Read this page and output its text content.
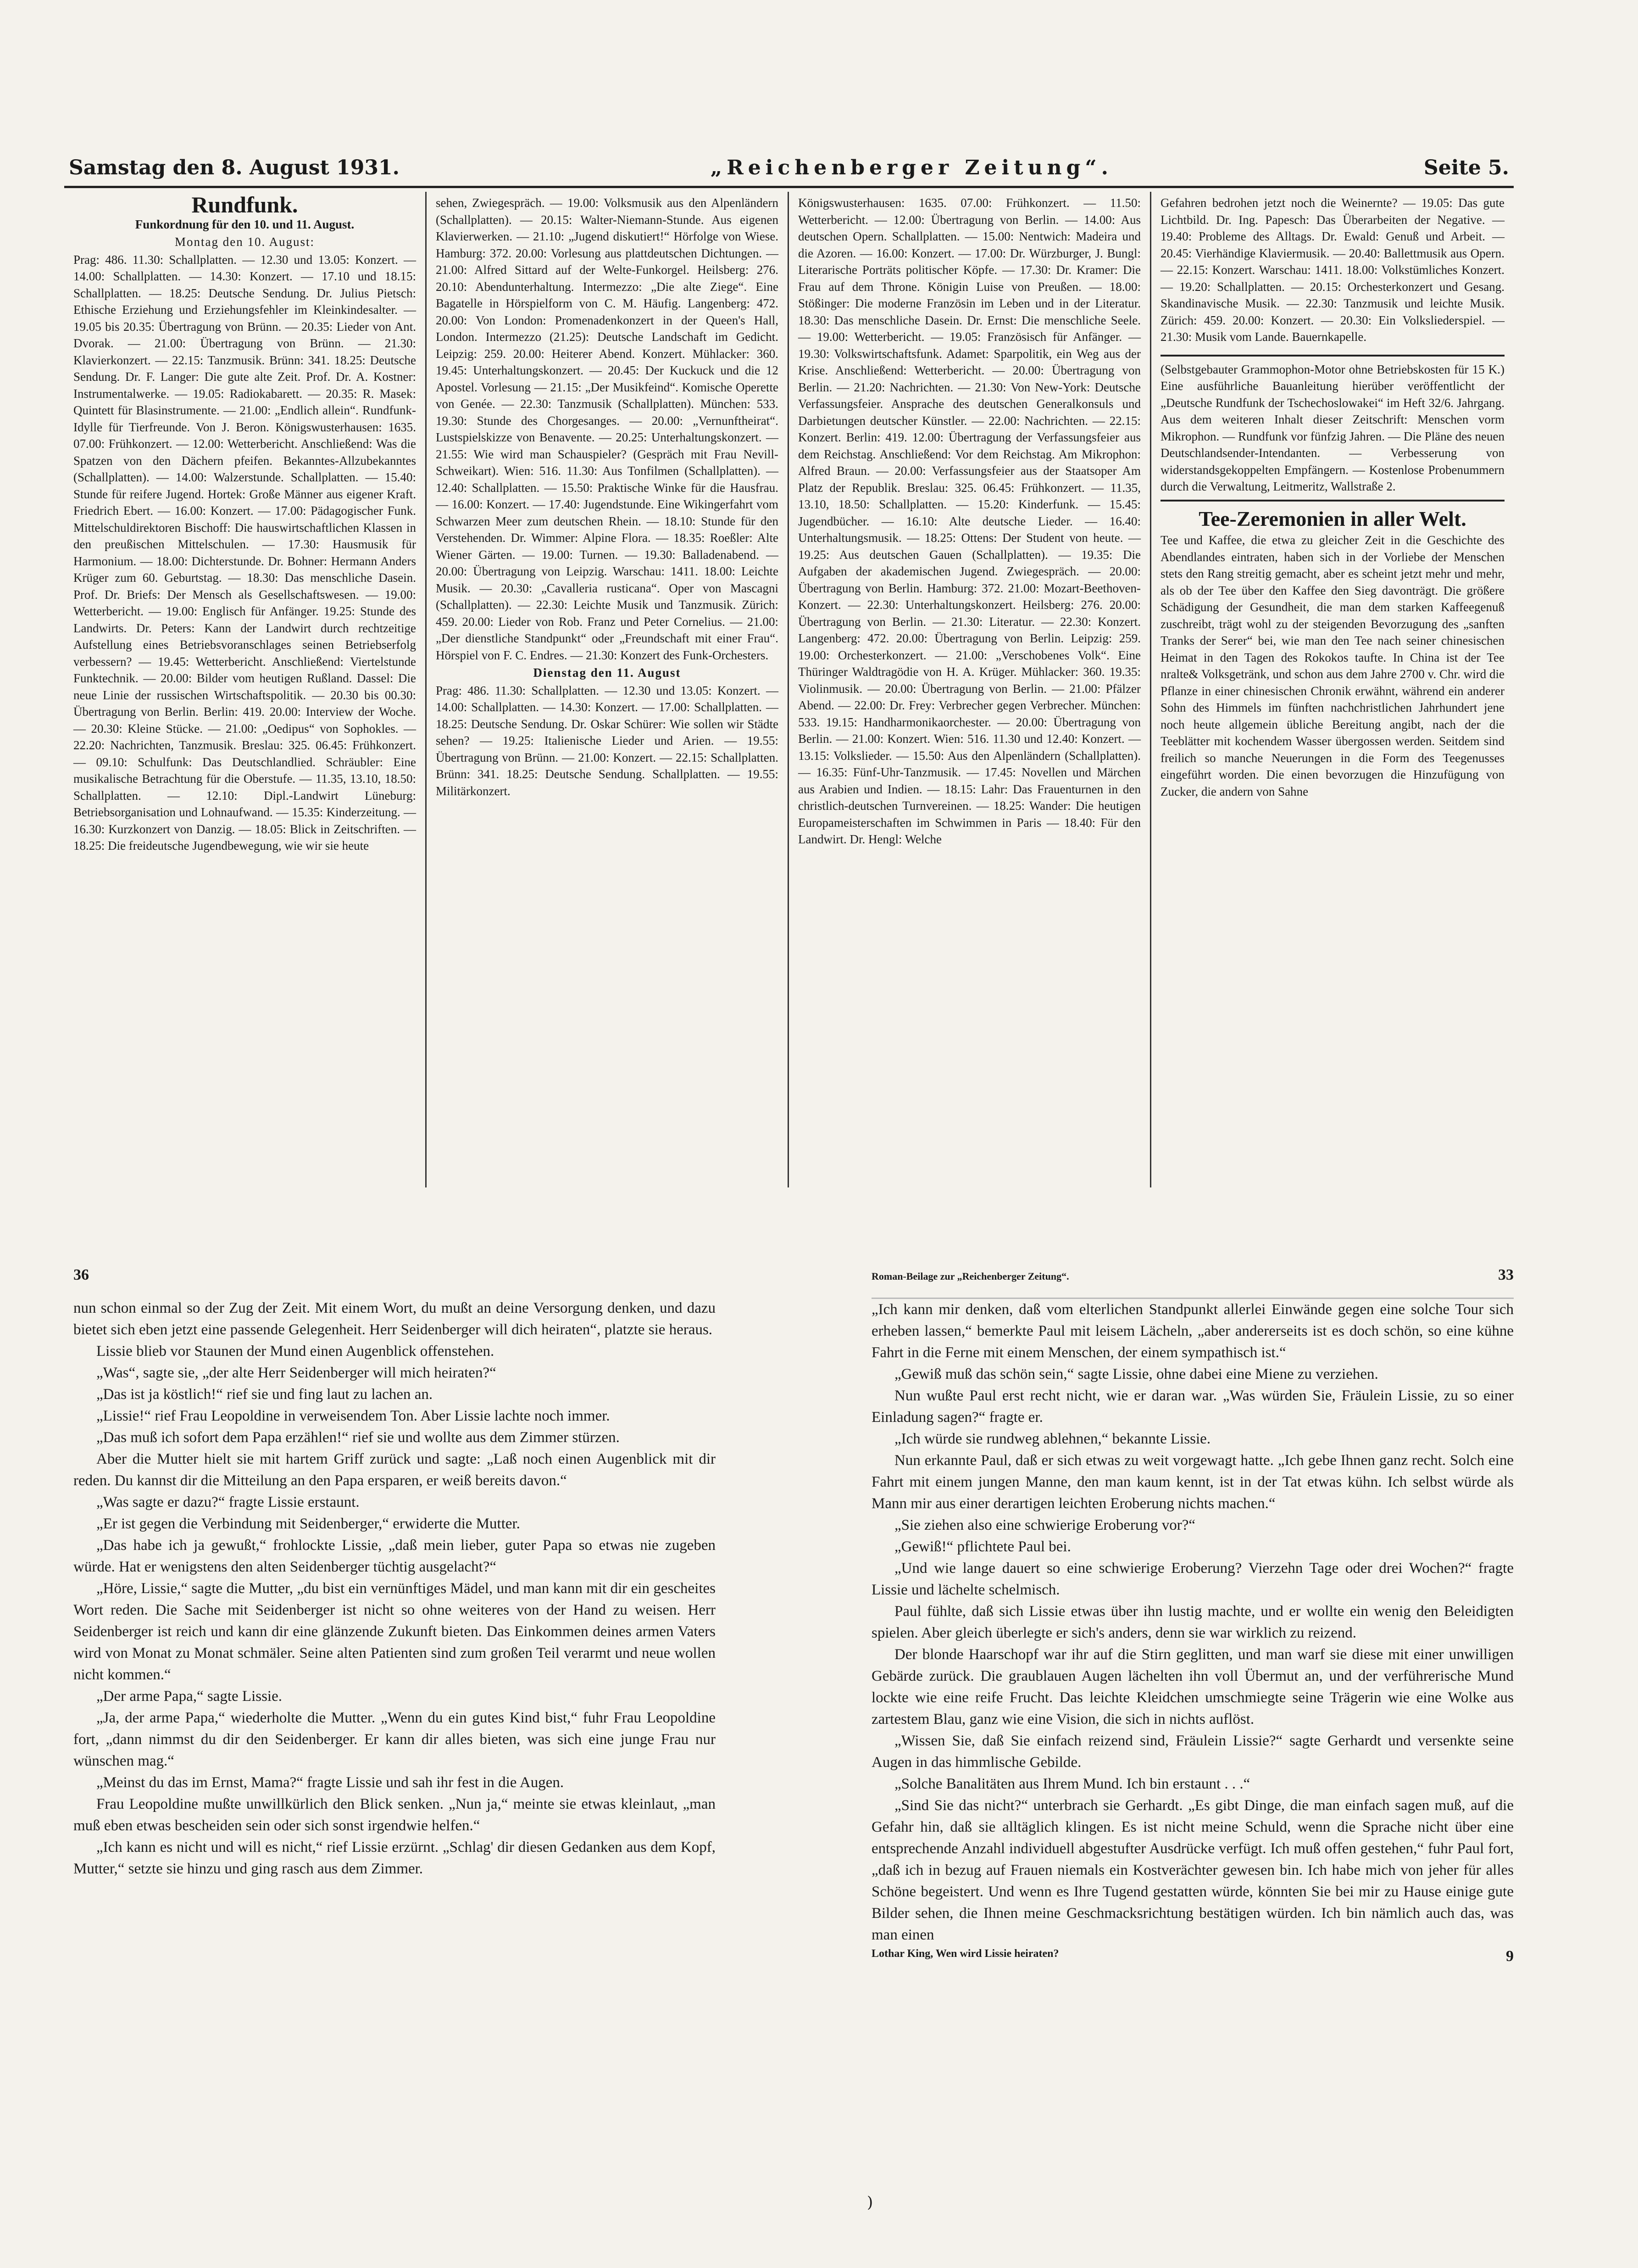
Samstag den 8. August 1931.	„Reichenberger Zeitung“.	Seite 5.
Rundfunk.
Funkordnung für den 10. und 11. August.
Montag den 10. August:

Prag: 486. 11.30: Schallplatten. — 12.30 und 13.05: Konzert. — 14.00: Schallplatten. — 14.30: Konzert. — 17.10 und 18.15: Schallplatten. — 18.25: Deutsche Sendung. Dr. Julius Pietsch: Ethische Erziehung und Erziehungsfehler im Kleinkindesalter. — 19.05 bis 20.35: Übertragung von Brünn. — 20.35: Lieder von Ant. Dvorak. — 21.00: Übertragung von Brünn. — 21.30: Klavierkonzert. — 22.15: Tanzmusik. Brünn: 341. 18.25: Deutsche Sendung. Dr. F. Langer: Die gute alte Zeit. Prof. Dr. A. Kostner: Instrumentalwerke. — 19.05: Radiokabarett. — 20.35: R. Masek: Quintett für Blasinstrumente. — 21.00: „Endlich allein“. Rundfunk-Idylle für Tierfreunde. Von J. Beron. Königswusterhausen: 1635. 07.00: Frühkonzert. — 12.00: Wetterbericht. Anschließend: Was die Spatzen von den Dächern pfeifen. Bekanntes-Allzubekanntes (Schallplatten). — 14.00: Walzerstunde. Schallplatten. — 15.40: Stunde für reifere Jugend. Hortek: Große Männer aus eigener Kraft. Friedrich Ebert. — 16.00: Konzert. — 17.00: Pädagogischer Funk. Mittelschuldirektoren Bischoff: Die hauswirtschaftlichen Klassen in den preußischen Mittelschulen. — 17.30: Hausmusik für Harmonium. — 18.00: Dichterstunde. Dr. Bohner: Hermann Anders Krüger zum 60. Geburtstag. — 18.30: Das menschliche Dasein. Prof. Dr. Briefs: Der Mensch als Gesellschaftswesen. — 19.00: Wetterbericht. — 19.00: Englisch für Anfänger. 19.25: Stunde des Landwirts. Dr. Peters: Kann der Landwirt durch rechtzeitige Aufstellung eines Betriebsvoranschlages seinen Betriebserfolg verbessern? — 19.45: Wetterbericht. Anschließend: Viertelstunde Funktechnik. — 20.00: Bilder vom heutigen Rußland. Dassel: Die neue Linie der russischen Wirtschaftspolitik. — 20.30 bis 00.30: Übertragung von Berlin. Berlin: 419. 20.00: Interview der Woche. — 20.30: Kleine Stücke. — 21.00: „Oedipus“ von Sophokles. — 22.20: Nachrichten, Tanzmusik. Breslau: 325. 06.45: Frühkonzert. — 09.10: Schulfunk: Das Deutschlandlied. Schräubler: Eine musikalische Betrachtung für die Oberstufe. — 11.35, 13.10, 18.50: Schallplatten. — 12.10: Dipl.-Landwirt Lüneburg: Betriebsorganisation und Lohnaufwand. — 15.35: Kinderzeitung. — 16.30: Kurzkonzert von Danzig. — 18.05: Blick in Zeitschriften. — 18.25: Die freideutsche Jugendbewegung, wie wir sie heute

sehen, Zwiegespräch. — 19.00: Volksmusik aus den Alpenländern (Schallplatten). — 20.15: Walter-Niemann-Stunde. Aus eigenen Klavierwerken. — 21.10: „Jugend diskutiert!“ Hörfolge von Wiese. Hamburg: 372. 20.00: Vorlesung aus plattdeutschen Dichtungen. — 21.00: Alfred Sittard auf der Welte-Funkorgel. Heilsberg: 276. 20.10: Abendunterhaltung. Intermezzo: „Die alte Ziege“. Eine Bagatelle in Hörspielform von C. M. Häufig. Langenberg: 472. 20.00: Von London: Promenadenkonzert in der Queen's Hall, London. Intermezzo (21.25): Deutsche Landschaft im Gedicht. Leipzig: 259. 20.00: Heiterer Abend. Konzert. Mühlacker: 360. 19.45: Unterhaltungskonzert. — 20.45: Der Kuckuck und die 12 Apostel. Vorlesung — 21.15: „Der Musikfeind“. Komische Operette von Genée. — 22.30: Tanzmusik (Schallplatten). München: 533. 19.30: Stunde des Chorgesanges. — 20.00: „Vernunftheirat“. Lustspielskizze von Benavente. — 20.25: Unterhaltungskonzert. — 21.55: Wie wird man Schauspieler? (Gespräch mit Frau Nevill-Schweikart). Wien: 516. 11.30: Aus Tonfilmen (Schallplatten). — 12.40: Schallplatten. — 15.50: Praktische Winke für die Hausfrau. — 16.00: Konzert. — 17.40: Jugendstunde. Eine Wikingerfahrt vom Schwarzen Meer zum deutschen Rhein. — 18.10: Stunde für den Verstehenden. Dr. Wimmer: Alpine Flora. — 18.35: Roeßler: Alte Wiener Gärten. — 19.00: Turnen. — 19.30: Balladenabend. — 20.00: Übertragung von Leipzig. Warschau: 1411. 18.00: Leichte Musik. — 20.30: „Cavalleria rusticana“. Oper von Mascagni (Schallplatten). — 22.30: Leichte Musik und Tanzmusik. Zürich: 459. 20.00: Lieder von Rob. Franz und Peter Cornelius. — 21.00: „Der dienstliche Standpunkt“ oder „Freundschaft mit einer Frau“. Hörspiel von F. C. Endres. — 21.30: Konzert des Funk-Orchesters.

Dienstag den 11. August

Prag: 486. 11.30: Schallplatten. — 12.30 und 13.05: Konzert. — 14.00: Schallplatten. — 14.30: Konzert. — 17.00: Schallplatten. — 18.25: Deutsche Sendung. Dr. Oskar Schürer: Wie sollen wir Städte sehen? — 19.25: Italienische Lieder und Arien. — 19.55: Übertragung von Brünn. — 21.00: Konzert. — 22.15: Schallplatten. Brünn: 341. 18.25: Deutsche Sendung. Schallplatten. — 19.55: Militärkonzert.

Königswusterhausen: 1635. 07.00: Frühkonzert. — 11.50: Wetterbericht. — 12.00: Übertragung von Berlin. — 14.00: Aus deutschen Opern. Schallplatten. — 15.00: Nentwich: Madeira und die Azoren. — 16.00: Konzert. — 17.00: Dr. Würzburger, J. Bungl: Literarische Porträts politischer Köpfe. — 17.30: Dr. Kramer: Die Frau auf dem Throne. Königin Luise von Preußen. — 18.00: Stößinger: Die moderne Französin im Leben und in der Literatur. 18.30: Das menschliche Dasein. Dr. Ernst: Die menschliche Seele. — 19.00: Wetterbericht. — 19.05: Französisch für Anfänger. — 19.30: Volkswirtschaftsfunk. Adamet: Sparpolitik, ein Weg aus der Krise. Anschließend: Wetterbericht. — 20.00: Übertragung von Berlin. — 21.20: Nachrichten. — 21.30: Von New-York: Deutsche Verfassungsfeier. Ansprache des deutschen Generalkonsuls und Darbietungen deutscher Künstler. — 22.00: Nachrichten. — 22.15: Konzert. Berlin: 419. 12.00: Übertragung der Verfassungsfeier aus dem Reichstag. Anschließend: Vor dem Reichstag. Am Mikrophon: Alfred Braun. — 20.00: Verfassungsfeier aus der Staatsoper Am Platz der Republik. Breslau: 325. 06.45: Frühkonzert. — 11.35, 13.10, 18.50: Schallplatten. — 15.20: Kinderfunk. — 15.45: Jugendbücher. — 16.10: Alte deutsche Lieder. — 16.40: Unterhaltungsmusik. — 18.25: Ottens: Der Student von heute. — 19.25: Aus deutschen Gauen (Schallplatten). — 19.35: Die Aufgaben der akademischen Jugend. Zwiegespräch. — 20.00: Übertragung von Berlin. Hamburg: 372. 21.00: Mozart-Beethoven-Konzert. — 22.30: Unterhaltungskonzert. Heilsberg: 276. 20.00: Übertragung von Berlin. — 21.30: Literatur. — 22.30: Konzert. Langenberg: 472. 20.00: Übertragung von Berlin. Leipzig: 259. 19.00: Orchesterkonzert. — 21.00: „Verschobenes Volk“. Eine Thüringer Waldtragödie von H. A. Krüger. Mühlacker: 360. 19.35: Violinmusik. — 20.00: Übertragung von Berlin. — 21.00: Pfälzer Abend. — 22.00: Dr. Frey: Verbrecher gegen Verbrecher. München: 533. 19.15: Handharmonikaorchester. — 20.00: Übertragung von Berlin. — 21.00: Konzert. Wien: 516. 11.30 und 12.40: Konzert. — 13.15: Volkslieder. — 15.50: Aus den Alpenländern (Schallplatten). — 16.35: Fünf-Uhr-Tanzmusik. — 17.45: Novellen und Märchen aus Arabien und Indien. — 18.15: Lahr: Das Frauenturnen in den christlich-deutschen Turnvereinen. — 18.25: Wander: Die heutigen Europameisterschaften im Schwimmen in Paris — 18.40: Für den Landwirt. Dr. Hengl: Welche

Gefahren bedrohen jetzt noch die Weinernte? — 19.05: Das gute Lichtbild. Dr. Ing. Papesch: Das Überarbeiten der Negative. — 19.40: Probleme des Alltags. Dr. Ewald: Genuß und Arbeit. — 20.45: Vierhändige Klaviermusik. — 20.40: Ballettmusik aus Opern. — 22.15: Konzert. Warschau: 1411. 18.00: Volkstümliches Konzert. — 19.20: Schallplatten. — 20.15: Orchesterkonzert und Gesang. Skandinavische Musik. — 22.30: Tanzmusik und leichte Musik. Zürich: 459. 20.00: Konzert. — 20.30: Ein Volksliederspiel. — 21.30: Musik vom Lande. Bauernkapelle.

(Selbstgebauter Grammophon-Motor ohne Betriebskosten für 15 K.) Eine ausführliche Bauanleitung hierüber veröffentlicht der „Deutsche Rundfunk der Tschechoslowakei“ im Heft 32/6. Jahrgang. Aus dem weiteren Inhalt dieser Zeitschrift: Menschen vorm Mikrophon. — Rundfunk vor fünfzig Jahren. — Die Pläne des neuen Deutschlandsender-Intendanten. — Verbesserung von widerstandsgekoppelten Empfängern. — Kostenlose Probenummern durch die Verwaltung, Leitmeritz, Wallstraße 2.

Tee-Zeremonien in aller Welt.

Tee und Kaffee, die etwa zu gleicher Zeit in die Geschichte des Abendlandes eintraten, haben sich in der Vorliebe der Menschen stets den Rang streitig gemacht, aber es scheint jetzt mehr und mehr, als ob der Tee über den Kaffee den Sieg davonträgt. Die größere Schädigung der Gesundheit, die man dem starken Kaffeegenuß zuschreibt, trägt wohl zu der steigenden Bevorzugung des „sanften Tranks der Serer“ bei, wie man den Tee nach seiner chinesischen Heimat in den Tagen des Rokokos taufte. In China ist der Tee nralte& Volksgetränk, und schon aus dem Jahre 2700 v. Chr. wird die Pflanze in einer chinesischen Chronik erwähnt, während ein anderer Sohn des Himmels im fünften nachchristlichen Jahrhundert jene noch heute allgemein übliche Bereitung angibt, nach der die Teeblätter mit kochendem Wasser übergossen werden. Seitdem sind freilich so manche Neuerungen in die Form des Teegenusses eingeführt worden. Die einen bevorzugen die Hinzufügung von Zucker, die andern von Sahne

36

nun schon einmal so der Zug der Zeit. Mit einem Wort, du mußt an deine Versorgung denken, und dazu bietet sich eben jetzt eine passende Gelegenheit. Herr Seidenberger will dich heiraten“, platzte sie heraus.

Lissie blieb vor Staunen der Mund einen Augenblick offenstehen.

„Was“, sagte sie, „der alte Herr Seidenberger will mich heiraten?“

„Das ist ja köstlich!“ rief sie und fing laut zu lachen an.

„Lissie!“ rief Frau Leopoldine in verweisendem Ton. Aber Lissie lachte noch immer.

„Das muß ich sofort dem Papa erzählen!“ rief sie und wollte aus dem Zimmer stürzen.

Aber die Mutter hielt sie mit hartem Griff zurück und sagte: „Laß noch einen Augenblick mit dir reden. Du kannst dir die Mitteilung an den Papa ersparen, er weiß bereits davon.“

„Was sagte er dazu?“ fragte Lissie erstaunt.

„Er ist gegen die Verbindung mit Seidenberger,“ erwiderte die Mutter.

„Das habe ich ja gewußt,“ frohlockte Lissie, „daß mein lieber, guter Papa so etwas nie zugeben würde. Hat er wenigstens den alten Seidenberger tüchtig ausgelacht?“

„Höre, Lissie,“ sagte die Mutter, „du bist ein vernünftiges Mädel, und man kann mit dir ein gescheites Wort reden. Die Sache mit Seidenberger ist nicht so ohne weiteres von der Hand zu weisen. Herr Seidenberger ist reich und kann dir eine glänzende Zukunft bieten. Das Einkommen deines armen Vaters wird von Monat zu Monat schmäler. Seine alten Patienten sind zum großen Teil verarmt und neue wollen nicht kommen.“

„Der arme Papa,“ sagte Lissie.

„Ja, der arme Papa,“ wiederholte die Mutter. „Wenn du ein gutes Kind bist,“ fuhr Frau Leopoldine fort, „dann nimmst du dir den Seidenberger. Er kann dir alles bieten, was sich eine junge Frau nur wünschen mag.“

„Meinst du das im Ernst, Mama?“ fragte Lissie und sah ihr fest in die Augen.

Frau Leopoldine mußte unwillkürlich den Blick senken. „Nun ja,“ meinte sie etwas kleinlaut, „man muß eben etwas bescheiden sein oder sich sonst irgendwie helfen.“

„Ich kann es nicht und will es nicht,“ rief Lissie erzürnt. „Schlag' dir diesen Gedanken aus dem Kopf, Mutter,“ setzte sie hinzu und ging rasch aus dem Zimmer.

Roman-Beilage zur „Reichenberger Zeitung“.	33

„Ich kann mir denken, daß vom elterlichen Standpunkt allerlei Einwände gegen eine solche Tour sich erheben lassen,“ bemerkte Paul mit leisem Lächeln, „aber andererseits ist es doch schön, so eine kühne Fahrt in die Ferne mit einem Menschen, der einem sympathisch ist.“

„Gewiß muß das schön sein,“ sagte Lissie, ohne dabei eine Miene zu verziehen.

Nun wußte Paul erst recht nicht, wie er daran war. „Was würden Sie, Fräulein Lissie, zu so einer Einladung sagen?“ fragte er.

„Ich würde sie rundweg ablehnen,“ bekannte Lissie.

Nun erkannte Paul, daß er sich etwas zu weit vorgewagt hatte. „Ich gebe Ihnen ganz recht. Solch eine Fahrt mit einem jungen Manne, den man kaum kennt, ist in der Tat etwas kühn. Ich selbst würde als Mann mir aus einer derartigen leichten Eroberung nichts machen.“

„Sie ziehen also eine schwierige Eroberung vor?“

„Gewiß!“ pflichtete Paul bei.

„Und wie lange dauert so eine schwierige Eroberung? Vierzehn Tage oder drei Wochen?“ fragte Lissie und lächelte schelmisch.

Paul fühlte, daß sich Lissie etwas über ihn lustig machte, und er wollte ein wenig den Beleidigten spielen. Aber gleich überlegte er sich's anders, denn sie war wirklich zu reizend.

Der blonde Haarschopf war ihr auf die Stirn geglitten, und man warf sie diese mit einer unwilligen Gebärde zurück. Die graublauen Augen lächelten ihn voll Übermut an, und der verführerische Mund lockte wie eine reife Frucht. Das leichte Kleidchen umschmiegte seine Trägerin wie eine Wolke aus zartestem Blau, ganz wie eine Vision, die sich in nichts auflöst.

„Wissen Sie, daß Sie einfach reizend sind, Fräulein Lissie?“ sagte Gerhardt und versenkte seine Augen in das himmlische Gebilde.

„Solche Banalitäten aus Ihrem Mund. Ich bin erstaunt . . .“

„Sind Sie das nicht?“ unterbrach sie Gerhardt. „Es gibt Dinge, die man einfach sagen muß, auf die Gefahr hin, daß sie alltäglich klingen. Es ist nicht meine Schuld, wenn die Sprache nicht über eine entsprechende Anzahl individuell abgestufter Ausdrücke verfügt. Ich muß offen gestehen,“ fuhr Paul fort, „daß ich in bezug auf Frauen niemals ein Kostverächter gewesen bin. Ich habe mich von jeher für alles Schöne begeistert. Und wenn es Ihre Tugend gestatten würde, könnten Sie bei mir zu Hause einige gute Bilder sehen, die Ihnen meine Geschmacksrichtung bestätigen würden. Ich bin nämlich auch das, was man einen

Lothar King, Wen wird Lissie heiraten?	9
)
